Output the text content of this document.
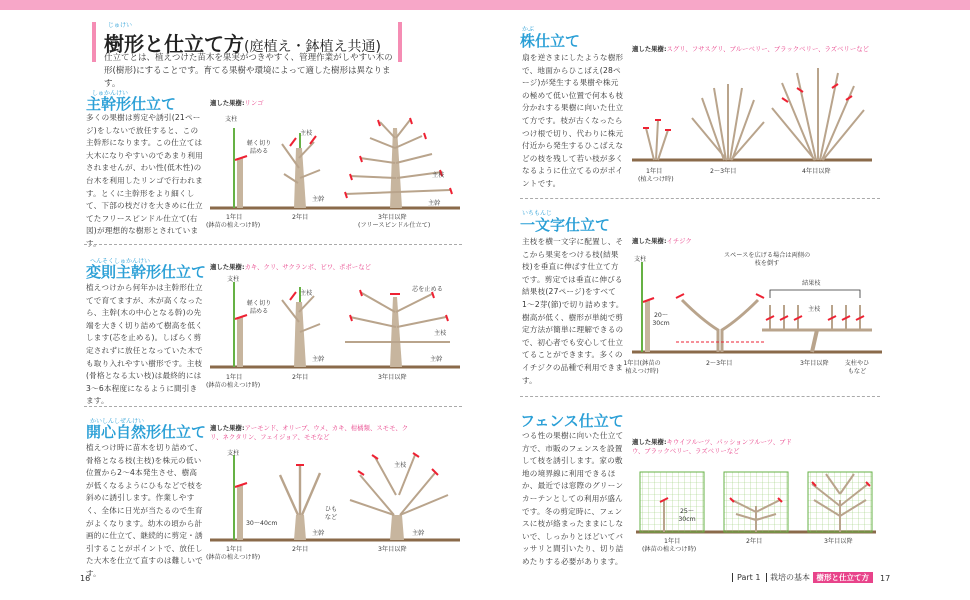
じゅけい
樹形と仕立て方(庭植え・鉢植え共通)
仕立てとは、植えつけた苗木を果実がつきやすく、管理作業がしやすい木の形(樹形)にすることです。育てる果樹や環境によって適した樹形は異なります。
しゅかんけい
主幹形仕立て
多くの果樹は剪定や誘引(21ページ)をしないで放任すると、この主幹形になります。この仕立ては大木になりやすいのであまり利用されませんが、わい性(低木性)の台木を利用したリンゴで行われます。とくに主幹形をより細くして、下部の枝だけを大きめに仕立てたフリースピンドル仕立て(右図)が理想的な樹形とされています。
適した果樹:リンゴ
支柱
軽く切り詰める
主枝
主枝
主幹
主幹
1年目
(鉢苗の植えつけ時)
2年目	3年目以降
(フリースピンドル仕立て)
へんそくしゅかんけい
変則主幹形仕立て
植えつけから何年かは主幹形仕立てで育てますが、木が高くなったら、主幹(木の中心となる幹)の先端を大きく切り詰めて樹高を低くします(芯を止める)。しばらく剪定されずに放任となっていた木でも取り入れやすい樹形です。主枝(骨格となる太い枝)は最終的には3〜6本程度になるように間引きます。
適した果樹:カキ、クリ、サクランボ、ビワ、ポポーなど
支柱
軽く切り詰める
主枝
主幹
芯を止める
主枝
主幹
1年目
(鉢苗の植えつけ時)
2年目	3年目以降
かいしんしぜんけい
開心自然形仕立て
植えつけ時に苗木を切り詰めて、骨格となる枝(主枝)を株元の低い位置から2〜4本発生させ、樹高が低くなるようにひもなどで枝を斜めに誘引します。作業しやすく、全体に日光が当たるので生育がよくなります。幼木の頃から計画的に仕立て、継続的に剪定・誘引することがポイントで、放任した大木を仕立て直すのは難しいです。
適した果樹:アーモンド、オリーブ、ウメ、カキ、柑橘類、スモモ、クリ、ネクタリン、フェイジョア、モモなど
支柱
30〜40cm
ひもなど
主幹
主枝
主幹
1年目
(鉢苗の植えつけ時)
2年目	3年目以降
かぶ
株仕立て
扇を逆さまにしたような樹形で、地面からひこばえ(28ページ)が発生する果樹や株元の極めて低い位置で何本も枝分かれする果樹に向いた仕立て方です。枝が古くなったらつけ根で切り、代わりに株元付近から発生するひこばえなどの枝を残して若い枝が多くなるように仕立てるのがポイントです。
適した果樹:スグリ、フサスグリ、ブルーベリー、ブラックベリー、ラズベリーなど
1年目
(植えつけ時)
2〜3年目	4年目以降
いちもんじ
一文字仕立て
主枝を横一文字に配置し、そこから果実をつける枝(結果枝)を垂直に伸ばす仕立て方です。剪定では垂直に伸びる結果枝(27ページ)をすべて1〜2芽(節)で切り詰めます。樹高が低く、樹形が単純で剪定方法が簡単に理解できるので、初心者でも安心して仕立てることができます。多くのイチジクの品種で利用できます。
適した果樹:イチジク
支柱
20〜30cm
スペースを広げる場合は両側の枝を倒す
結果枝
主枝
支柱やひもなど
1年目(鉢苗の植えつけ時)
2〜3年目	3年目以降
フェンス仕立て
つる性の果樹に向いた仕立て方で、市販のフェンスを設置して枝を誘引します。家の敷地の境界線に利用できるほか、最近では窓際のグリーンカーテンとしての利用が盛んです。冬の剪定時に、フェンスに枝が絡まったままにしないで、しっかりとほどいてバッサリと間引いたり、切り詰めたりする必要があります。
適した果樹:キウイフルーツ、パッションフルーツ、ブドウ、ブラックベリー、ラズベリーなど
25〜30cm
1年目
(鉢苗の植えつけ時)
2年目	3年目以降
16	Part 1 栽培の基本 樹形と仕立て方	17
